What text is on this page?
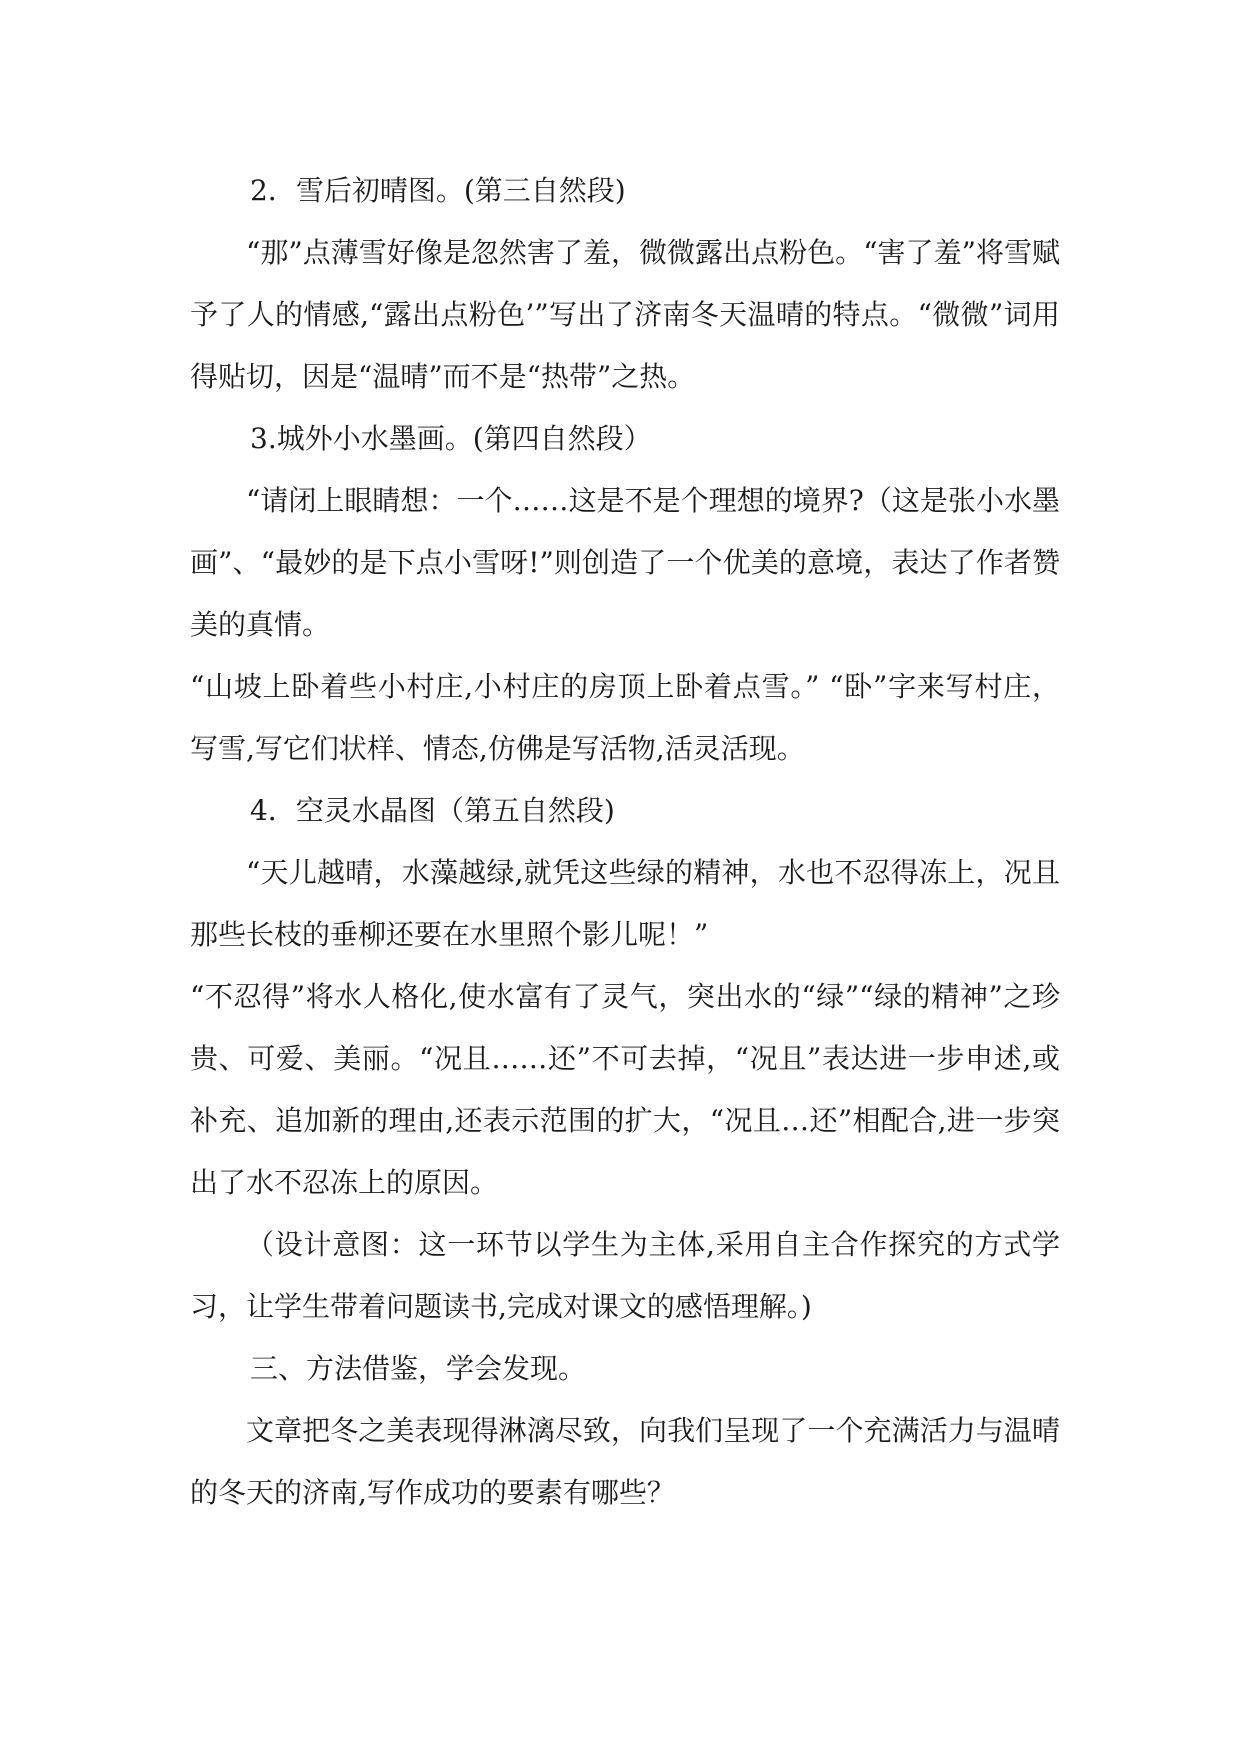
2．雪后初晴图。(第三自然段)

“那”点薄雪好像是忽然害了羞，微微露出点粉色。“害了羞”将雪赋予了人的情感,“露出点粉色’”写出了济南冬天温晴的特点。“微微”词用得贴切，因是“温晴”而不是“热带”之热。

3.城外小水墨画。(第四自然段）

“请闭上眼睛想：一个……这是不是个理想的境界?（这是张小水墨画”、“最妙的是下点小雪呀!”则创造了一个优美的意境，表达了作者赞美的真情。

“山坡上卧着些小村庄,小村庄的房顶上卧着点雪。” “卧”字来写村庄，写雪,写它们状样、情态,仿佛是写活物,活灵活现。

4．空灵水晶图（第五自然段)

“天儿越晴，水藻越绿,就凭这些绿的精神，水也不忍得冻上，况且那些长枝的垂柳还要在水里照个影儿呢！”

“不忍得”将水人格化,使水富有了灵气，突出水的“绿”“绿的精神”之珍贵、可爱、美丽。“况且……还”不可去掉，“况且”表达进一步申述,或补充、追加新的理由,还表示范围的扩大，“况且…还”相配合,进一步突出了水不忍冻上的原因。

（设计意图：这一环节以学生为主体,采用自主合作探究的方式学习，让学生带着问题读书,完成对课文的感悟理解。)

三、方法借鉴，学会发现。

文章把冬之美表现得淋漓尽致，向我们呈现了一个充满活力与温晴的冬天的济南,写作成功的要素有哪些？
